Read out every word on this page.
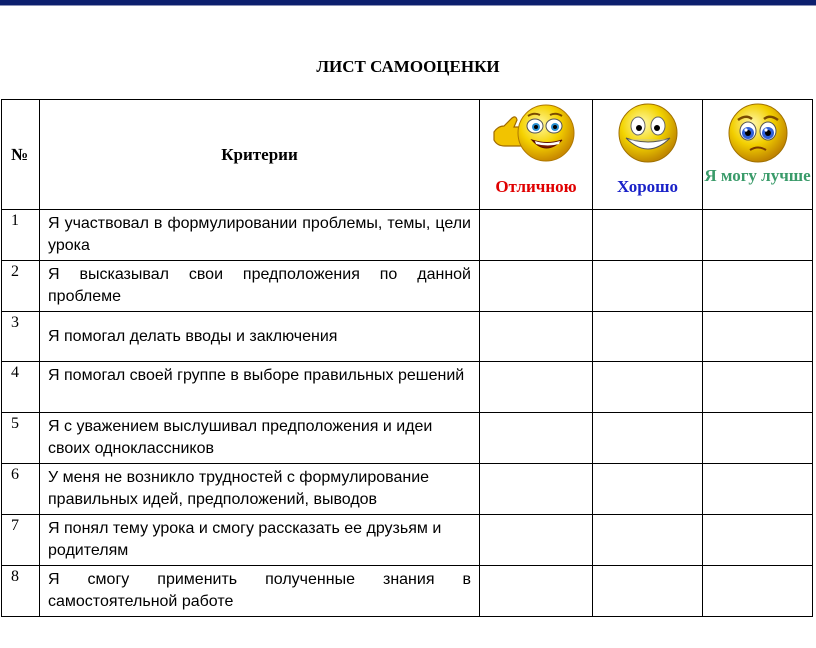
ЛИСТ САМООЦЕНКИ
№	Критерии	Отличною	Хорошо	Я могу лучше

1	Я участвовал в формулировании проблемы, темы, цели урока			

2	Я высказывал свои предположения по данной проблеме			

3	Я помогал делать вводы и заключения			

4	Я помогал своей группе в выборе правильных решений			

5	Я с уважением выслушивал предположения и идеи своих одноклассников			

6	У меня не возникло трудностей с формулирование правильных идей, предположений, выводов			

7	Я понял тему урока и смогу рассказать ее друзьям и родителям			

8	Я смогу применить полученные знания в самостоятельной работе			
